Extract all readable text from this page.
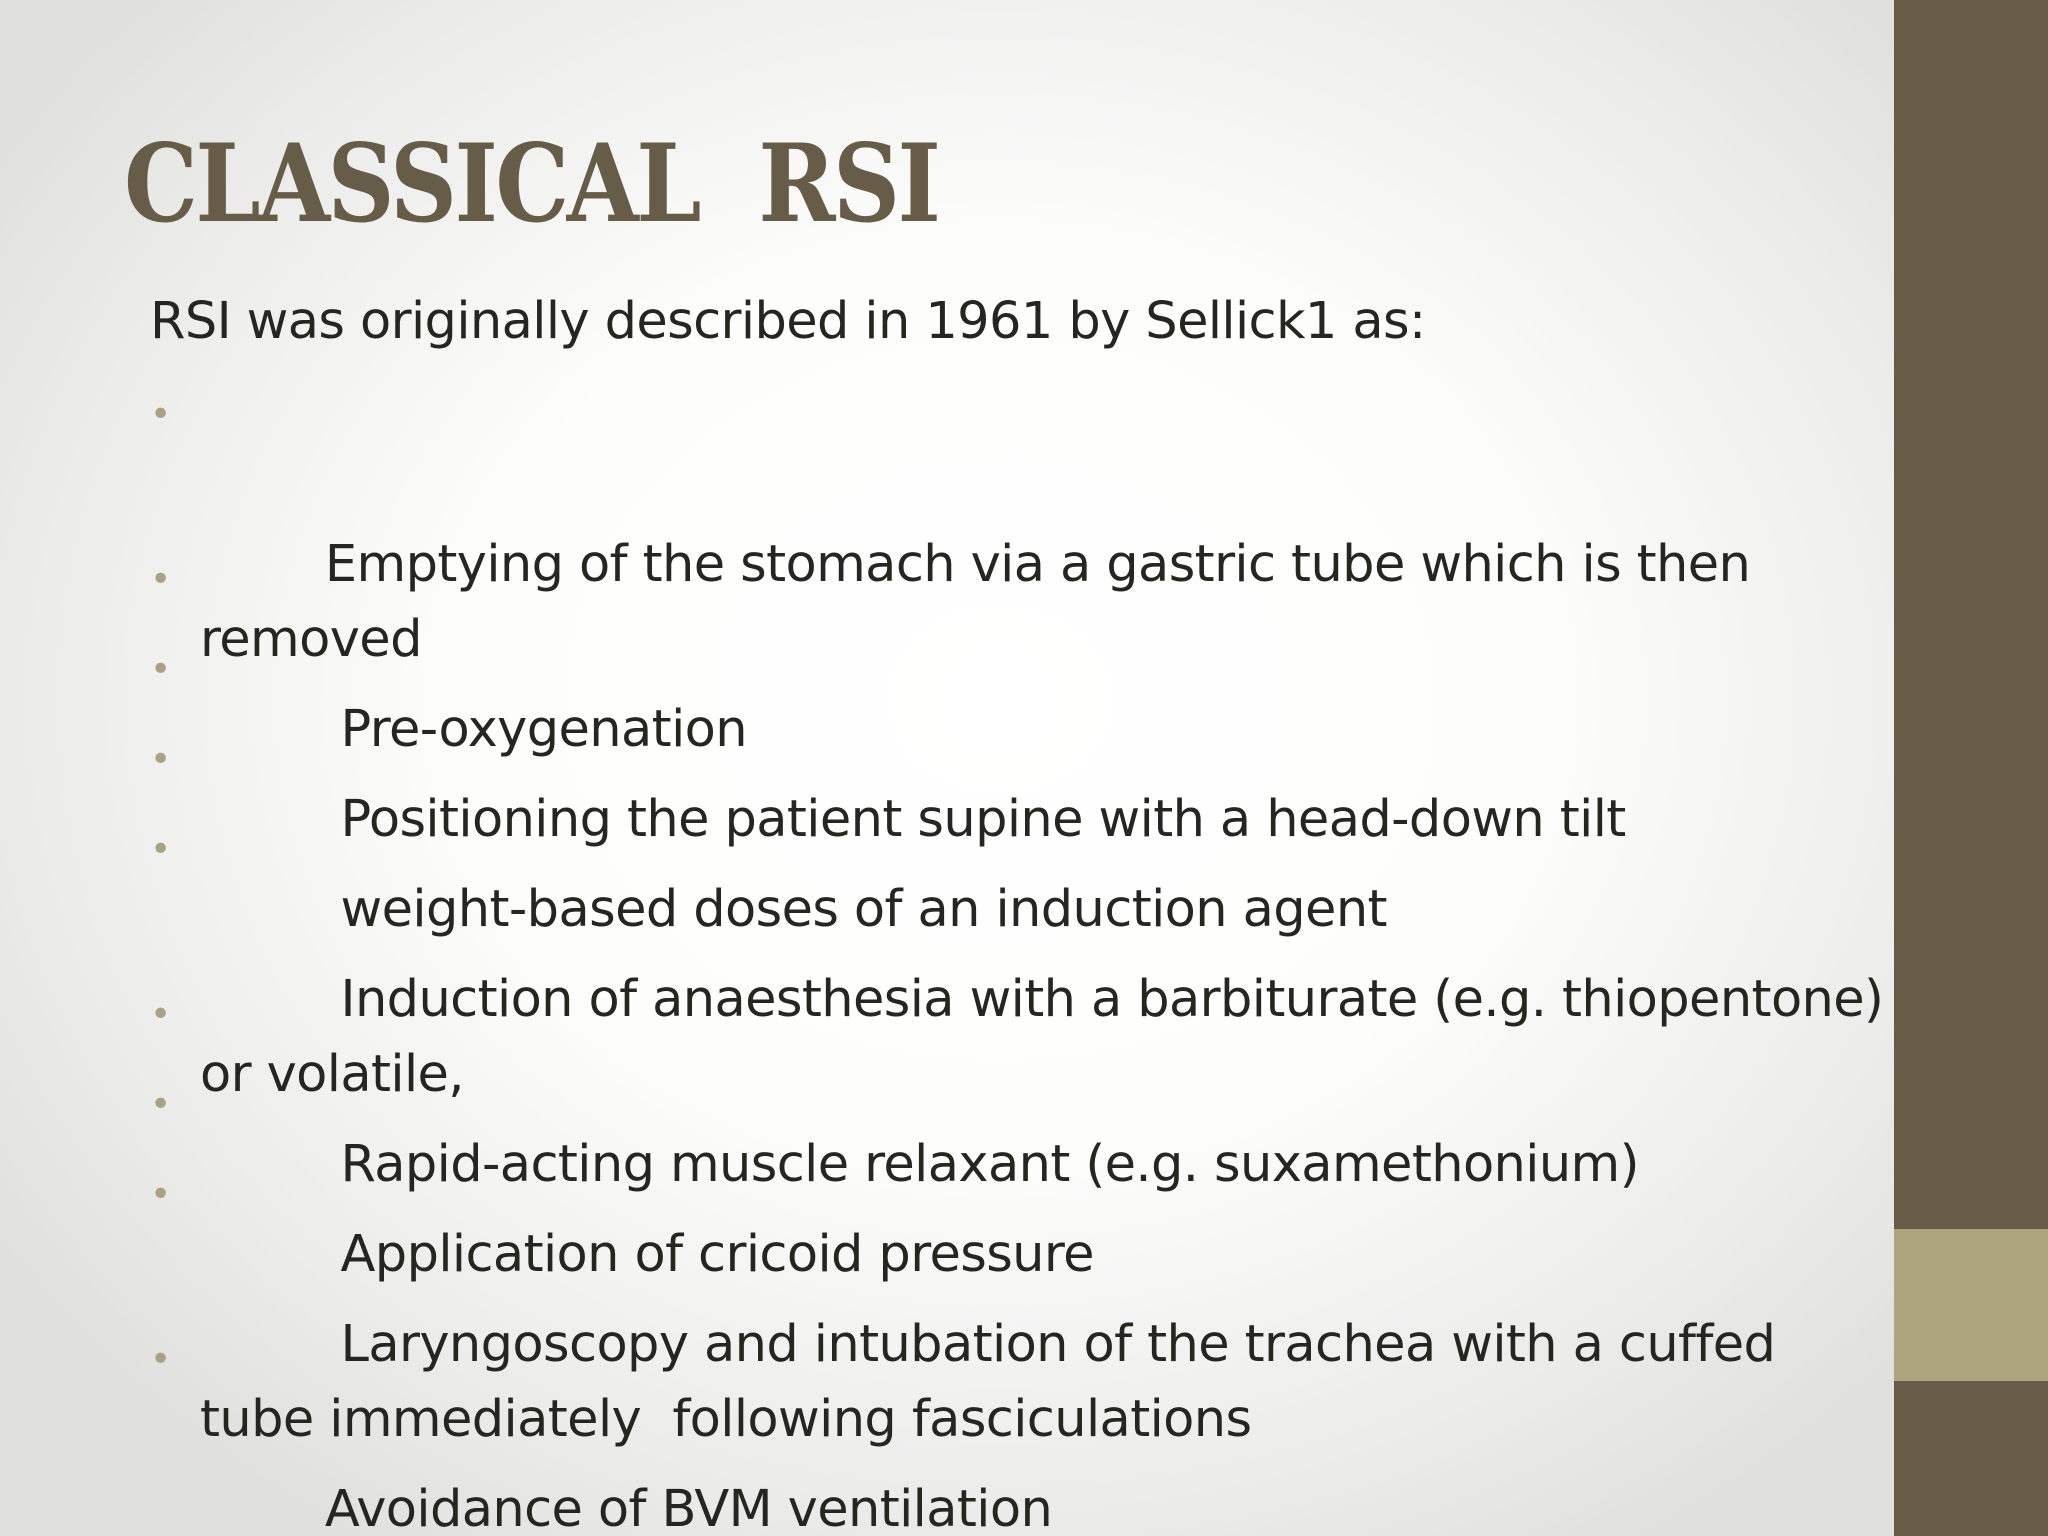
CLASSICAL  RSI

RSI was originally described in 1961 by Sellick1 as:

•

Emptying of the stomach via a gastric tube which is then
removed

•

Pre-oxygenation

•

Positioning the patient supine with a head-down tilt

•

weight-based doses of an induction agent

•

Induction of anaesthesia with a barbiturate (e.g. thiopentone)
or volatile,

•

Rapid-acting muscle relaxant (e.g. suxamethonium)

•

Application of cricoid pressure

•

Laryngoscopy and intubation of the trachea with a cuffed
tube immediately  following fasciculations

•

Avoidance of BVM ventilation
